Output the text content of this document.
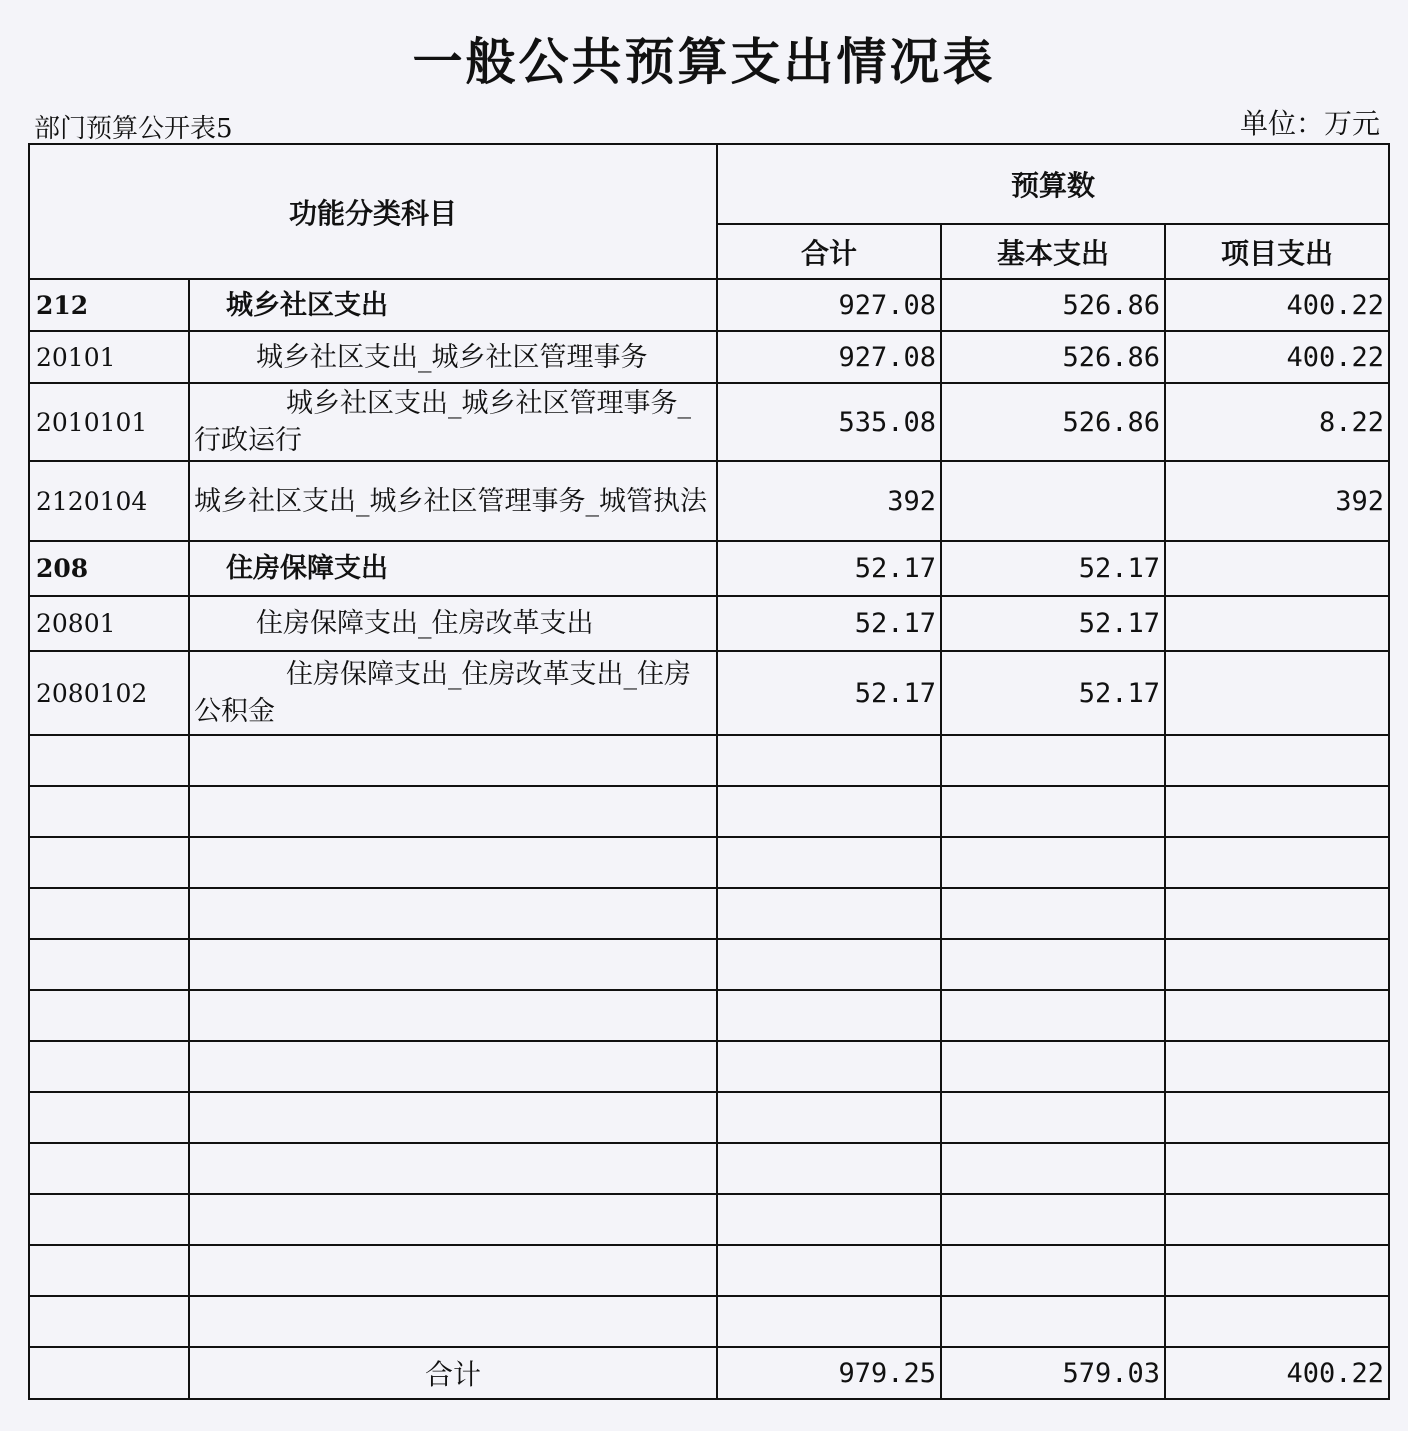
一般公共预算支出情况表
部门预算公开表5	单位：万元
功能分类科目		预算数		
		合计	基本支出	项目支出
212	城乡社区支出	927.08	526.86	400.22
20101	城乡社区支出_城乡社区管理事务	927.08	526.86	400.22
2010101	城乡社区支出_城乡社区管理事务_行政运行	535.08	526.86	8.22
2120104	城乡社区支出_城乡社区管理事务_城管执法	392		392
208	住房保障支出	52.17	52.17	
20801	住房保障支出_住房改革支出	52.17	52.17	
2080102	住房保障支出_住房改革支出_住房公积金	52.17	52.17	

	合计	979.25	579.03	400.22
